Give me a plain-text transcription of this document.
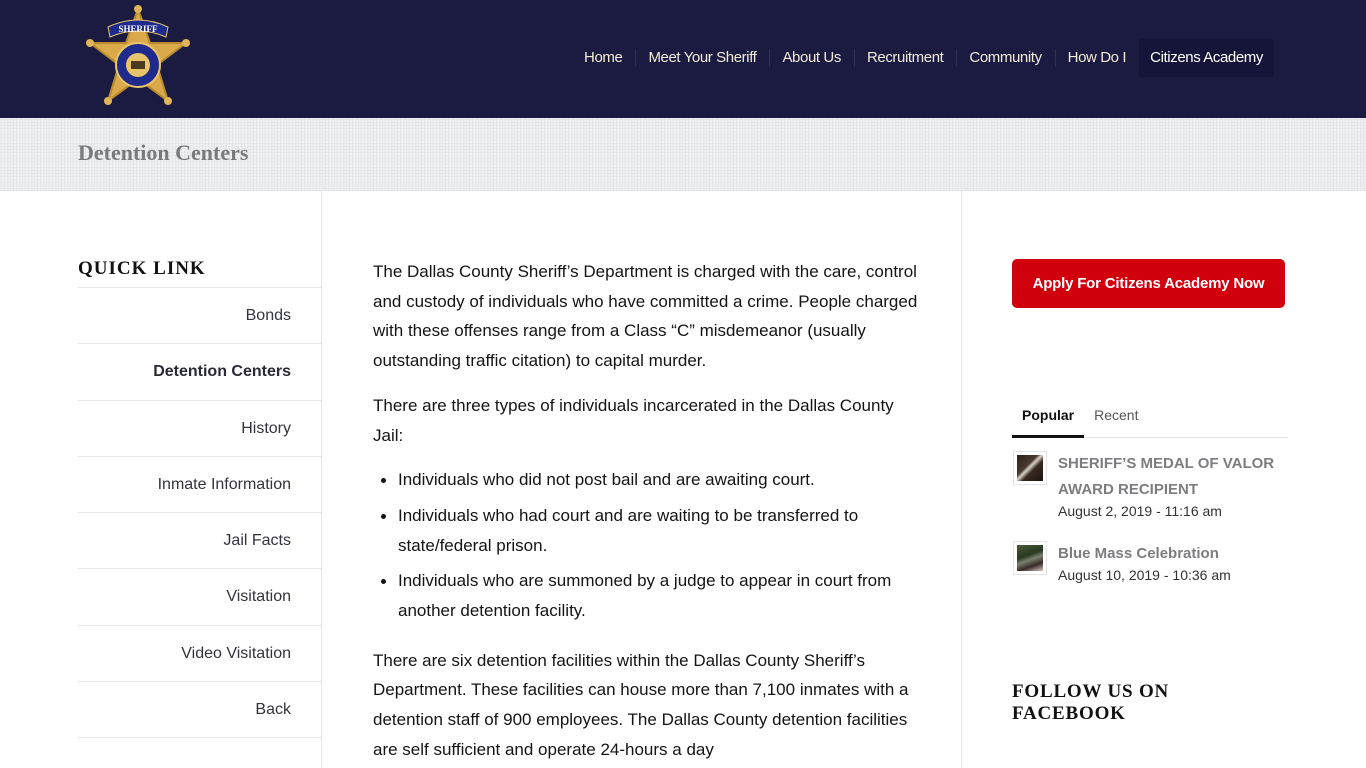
SHERIFF
Home	Meet Your Sheriff	About Us	Recruitment	Community	How Do I	Citizens Academy
Detention Centers
QUICK LINK
Bonds
Detention Centers
History
Inmate Information
Jail Facts
Visitation
Video Visitation
Back

The Dallas County Sheriff’s Department is charged with the care, control and custody of individuals who have committed a crime. People charged with these offenses range from a Class “C” misdemeanor (usually outstanding traffic citation) to capital murder.

There are three types of individuals incarcerated in the Dallas County Jail:

Individuals who did not post bail and are awaiting court.
Individuals who had court and are waiting to be transferred to state/federal prison.
Individuals who are summoned by a judge to appear in court from another detention facility.

There are six detention facilities within the Dallas County Sheriff’s Department. These facilities can house more than 7,100 inmates with a detention staff of 900 employees. The Dallas County detention facilities are self sufficient and operate 24-hours a day

Apply For Citizens Academy Now
Popular	Recent
SHERIFF’S MEDAL OF VALOR AWARD RECIPIENT
August 2, 2019 - 11:16 am
Blue Mass Celebration
August 10, 2019 - 10:36 am
FOLLOW US ON FACEBOOK
